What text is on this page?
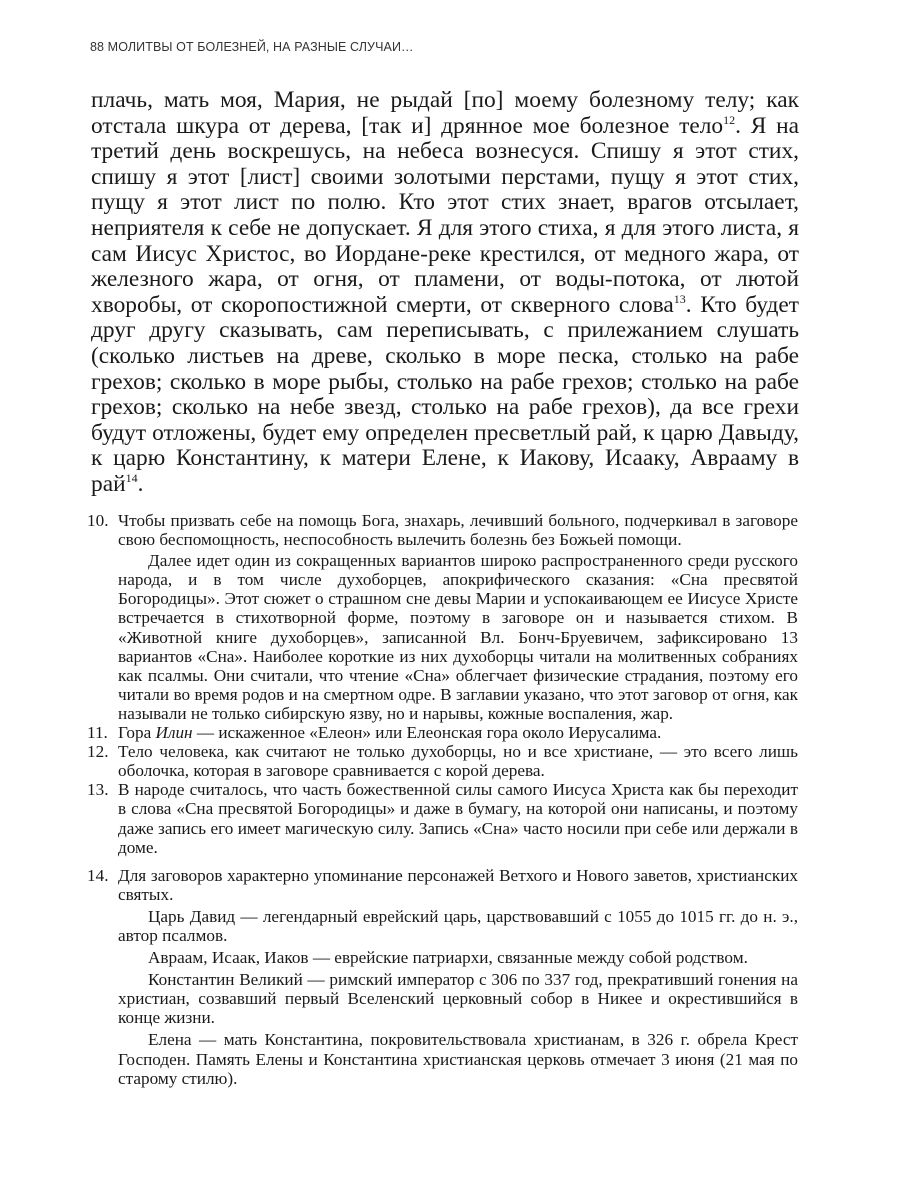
88 МОЛИТВЫ ОТ БОЛЕЗНЕЙ, НА РАЗНЫЕ СЛУЧАИ…

плачь, мать моя, Мария, не рыдай [по] моему болезному телу; как отстала шкура от дерева, [так и] дрянное мое болезное тело$^{12}$. Я на третий день воскрешусь, на небеса вознесуся. Спишу я этот стих, спишу я этот [лист] своими золотыми перстами, пущу я этот стих, пущу я этот лист по полю. Кто этот стих знает, врагов отсылает, неприятеля к себе не допускает. Я для этого стиха, я для этого листа, я сам Иисус Христос, во Иордане-реке крестился, от медного жара, от железного жара, от огня, от пламени, от воды-потока, от лютой хворобы, от скоропостижной смерти, от скверного слова$^{13}$. Кто будет друг другу сказывать, сам переписывать, с прилежанием слушать (сколько листьев на древе, сколько в море песка, столько на рабе грехов; сколько в море рыбы, столько на рабе грехов; столько на рабе грехов; сколько на небе звезд, столько на рабе грехов), да все грехи будут отложены, будет ему определен пресветлый рай, к царю Давыду, к царю Константину, к матери Елене, к Иакову, Исааку, Аврааму в рай$^{14}$.

10. Чтобы призвать себе на помощь Бога, знахарь, лечивший больного, подчеркивал в заговоре свою беспомощность, неспособность вылечить болезнь без Божьей помощи.

Далее идет один из сокращенных вариантов широко распространенного среди русского народа, и в том числе духоборцев, апокрифического сказания: «Сна пресвятой Богородицы». Этот сюжет о страшном сне девы Марии и успокаивающем ее Иисусе Христе встречается в стихотворной форме, поэтому в заговоре он и называется стихом. В «Животной книге духоборцев», записанной Вл. Бонч-Бруевичем, зафиксировано 13 вариантов «Сна». Наиболее короткие из них духоборцы читали на молитвенных собраниях как псалмы. Они считали, что чтение «Сна» облегчает физические страдания, поэтому его читали во время родов и на смертном одре. В заглавии указано, что этот заговор от огня, как называли не только сибирскую язву, но и нарывы, кожные воспаления, жар.

11. Гора Илин — искаженное «Елеон» или Елеонская гора около Иерусалима.

12. Тело человека, как считают не только духоборцы, но и все христиане, — это всего лишь оболочка, которая в заговоре сравнивается с корой дерева.

13. В народе считалось, что часть божественной силы самого Иисуса Христа как бы переходит в слова «Сна пресвятой Богородицы» и даже в бумагу, на которой они написаны, и поэтому даже запись его имеет магическую силу. Запись «Сна» часто носили при себе или держали в доме.

14. Для заговоров характерно упоминание персонажей Ветхого и Нового заветов, христианских святых.

Царь Давид — легендарный еврейский царь, царствовавший с 1055 до 1015 гг. до н. э., автор псалмов.

Авраам, Исаак, Иаков — еврейские патриархи, связанные между собой родством.

Константин Великий — римский император с 306 по 337 год, прекративший гонения на христиан, созвавший первый Вселенский церковный собор в Никее и окрестившийся в конце жизни.

Елена — мать Константина, покровительствовала христианам, в 326 г. обрела Крест Господен. Память Елены и Константина христианская церковь отмечает 3 июня (21 мая по старому стилю).
